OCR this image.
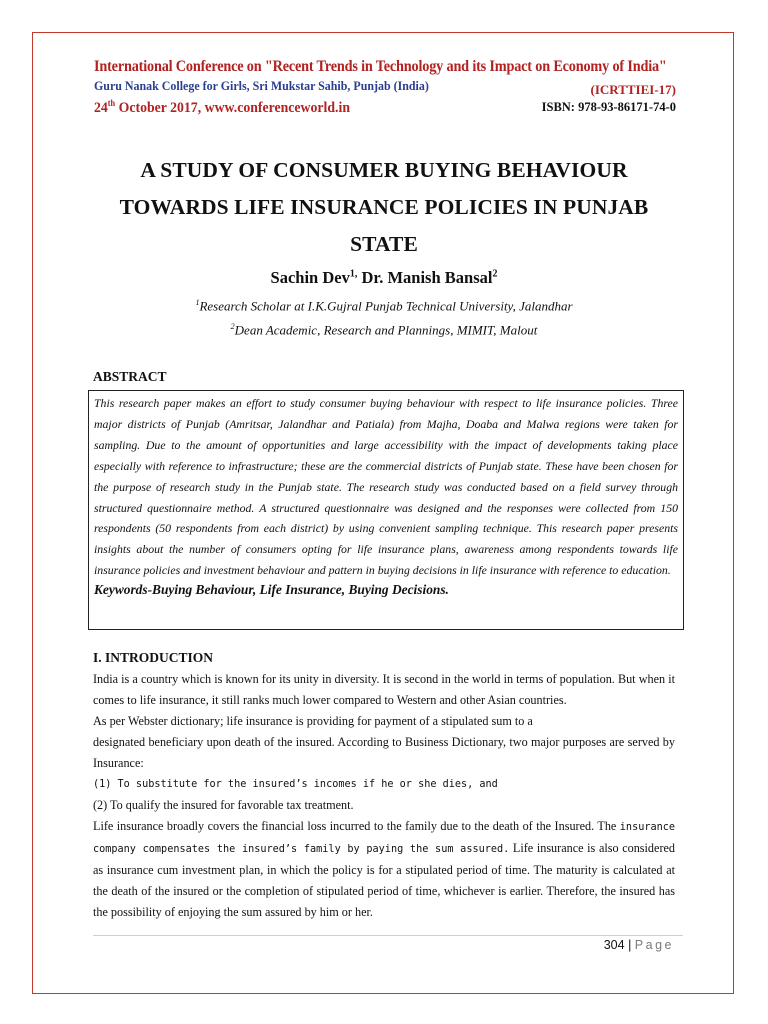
International Conference on "Recent Trends in Technology and its Impact on Economy of India"
Guru Nanak College for Girls, Sri Mukstar Sahib, Punjab (India)	(ICRTTIEI-17)
24th October 2017, www.conferenceworld.in	ISBN: 978-93-86171-74-0
A STUDY OF CONSUMER BUYING BEHAVIOUR
TOWARDS LIFE INSURANCE POLICIES IN PUNJAB
STATE
Sachin Dev$^{1,}$ Dr. Manish Bansal$^2$
$^1$Research Scholar at I.K.Gujral Punjab Technical University, Jalandhar
$^2$Dean Academic, Research and Plannings, MIMIT, Malout
ABSTRACT

This research paper makes an effort to study consumer buying behaviour with respect to life insurance policies. Three major districts of Punjab (Amritsar, Jalandhar and Patiala) from Majha, Doaba and Malwa regions were taken for sampling. Due to the amount of opportunities and large accessibility with the impact of developments taking place especially with reference to infrastructure; these are the commercial districts of Punjab state. These have been chosen for the purpose of research study in the Punjab state. The research study was conducted based on a field survey through structured questionnaire method. A structured questionnaire was designed and the responses were collected from 150 respondents (50 respondents from each district) by using convenient sampling technique. This research paper presents insights about the number of consumers opting for life insurance plans, awareness among respondents towards life insurance policies and investment behaviour and pattern in buying decisions in life insurance with reference to education.

Keywords-Buying Behaviour, Life Insurance, Buying Decisions.
I. INTRODUCTION

India is a country which is known for its unity in diversity. It is second in the world in terms of population. But when it comes to life insurance, it still ranks much lower compared to Western and other Asian countries.

As per Webster dictionary; life insurance is providing for payment of a stipulated sum to a

designated beneficiary upon death of the insured. According to Business Dictionary, two major purposes are served by Insurance:

(1) To substitute for the insured’s incomes if he or she dies, and

(2) To qualify the insured for favorable tax treatment.

Life insurance broadly covers the financial loss incurred to the family due to the death of the Insured. The insurance company compensates the insured’s family by paying the sum assured. Life insurance is also considered as insurance cum investment plan, in which the policy is for a stipulated period of time. The maturity is calculated at the death of the insured or the completion of stipulated period of time, whichever is earlier. Therefore, the insured has the possibility of enjoying the sum assured by him or her.

304 | Page
